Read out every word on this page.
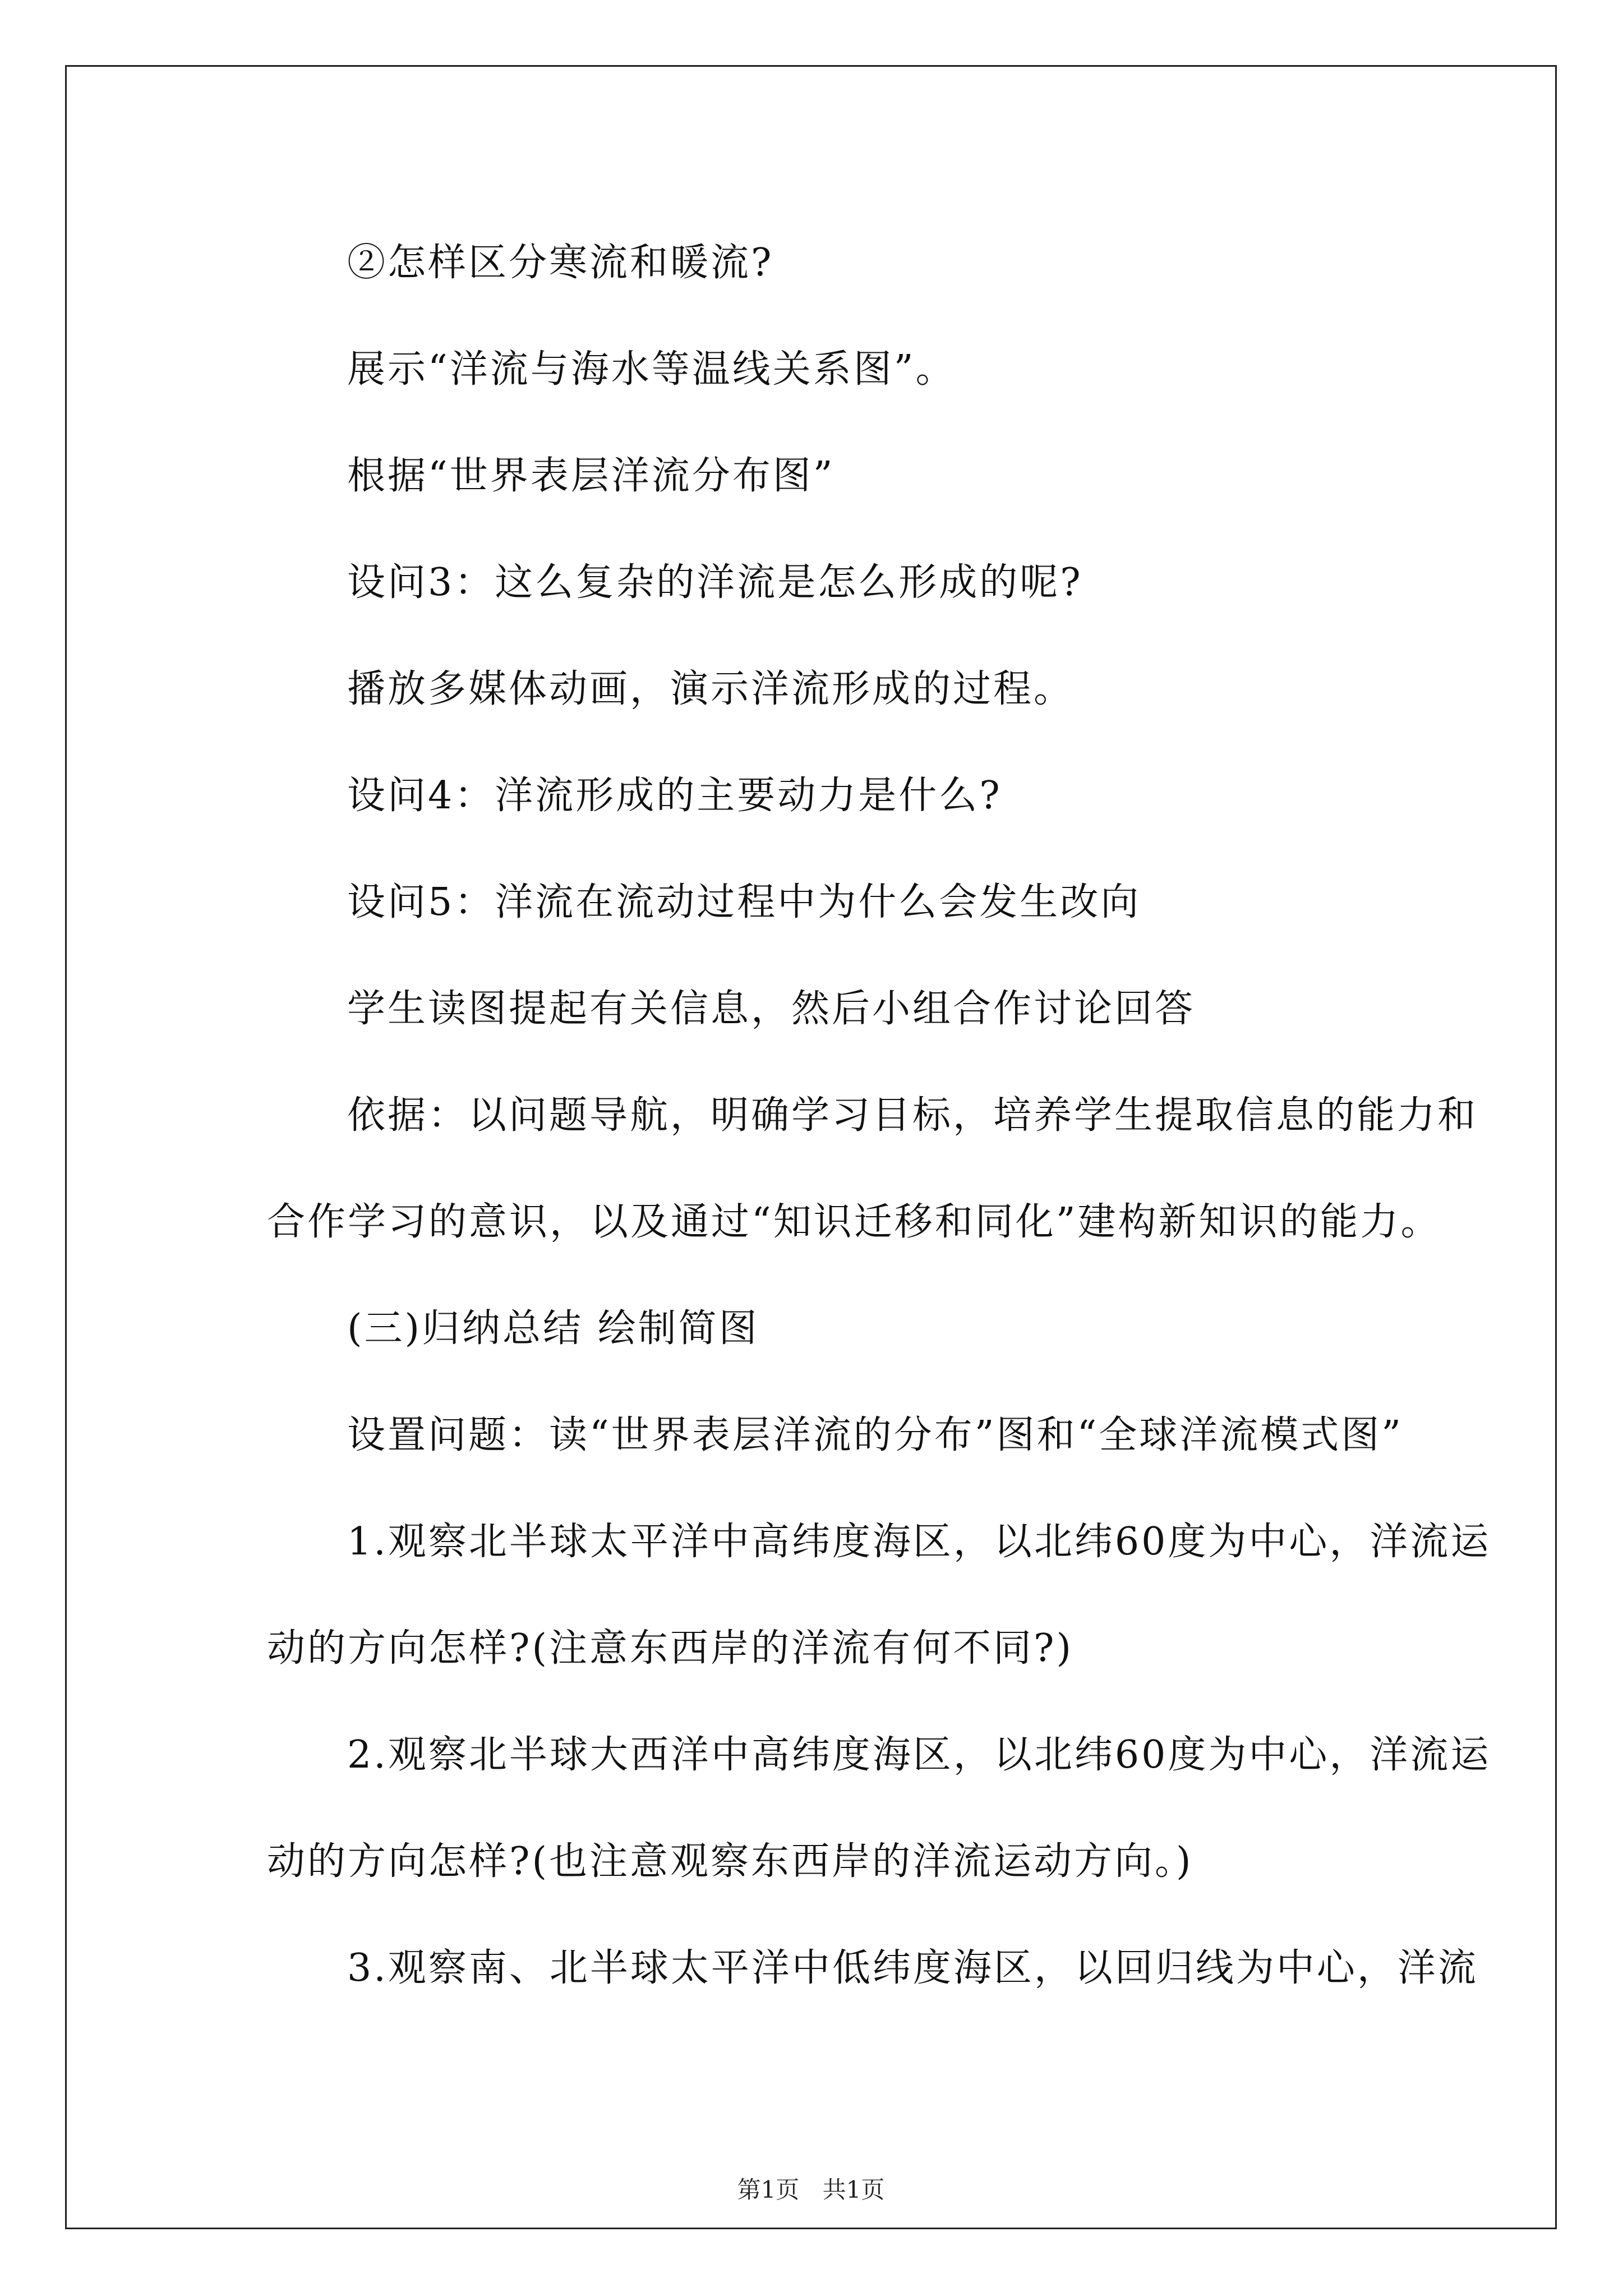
②怎样区分寒流和暖流?
展示“洋流与海水等温线关系图”。
根据“世界表层洋流分布图”
设问3：这么复杂的洋流是怎么形成的呢?
播放多媒体动画，演示洋流形成的过程。
设问4：洋流形成的主要动力是什么?
设问5：洋流在流动过程中为什么会发生改向
学生读图提起有关信息，然后小组合作讨论回答
依据：以问题导航，明确学习目标，培养学生提取信息的能力和
合作学习的意识，以及通过“知识迁移和同化”建构新知识的能力。
(三)归纳总结 绘制简图
设置问题：读“世界表层洋流的分布”图和“全球洋流模式图”
1.观察北半球太平洋中高纬度海区，以北纬60度为中心，洋流运
动的方向怎样?(注意东西岸的洋流有何不同?)
2.观察北半球大西洋中高纬度海区，以北纬60度为中心，洋流运
动的方向怎样?(也注意观察东西岸的洋流运动方向。)
3.观察南、北半球太平洋中低纬度海区，以回归线为中心，洋流
第1页 共1页
